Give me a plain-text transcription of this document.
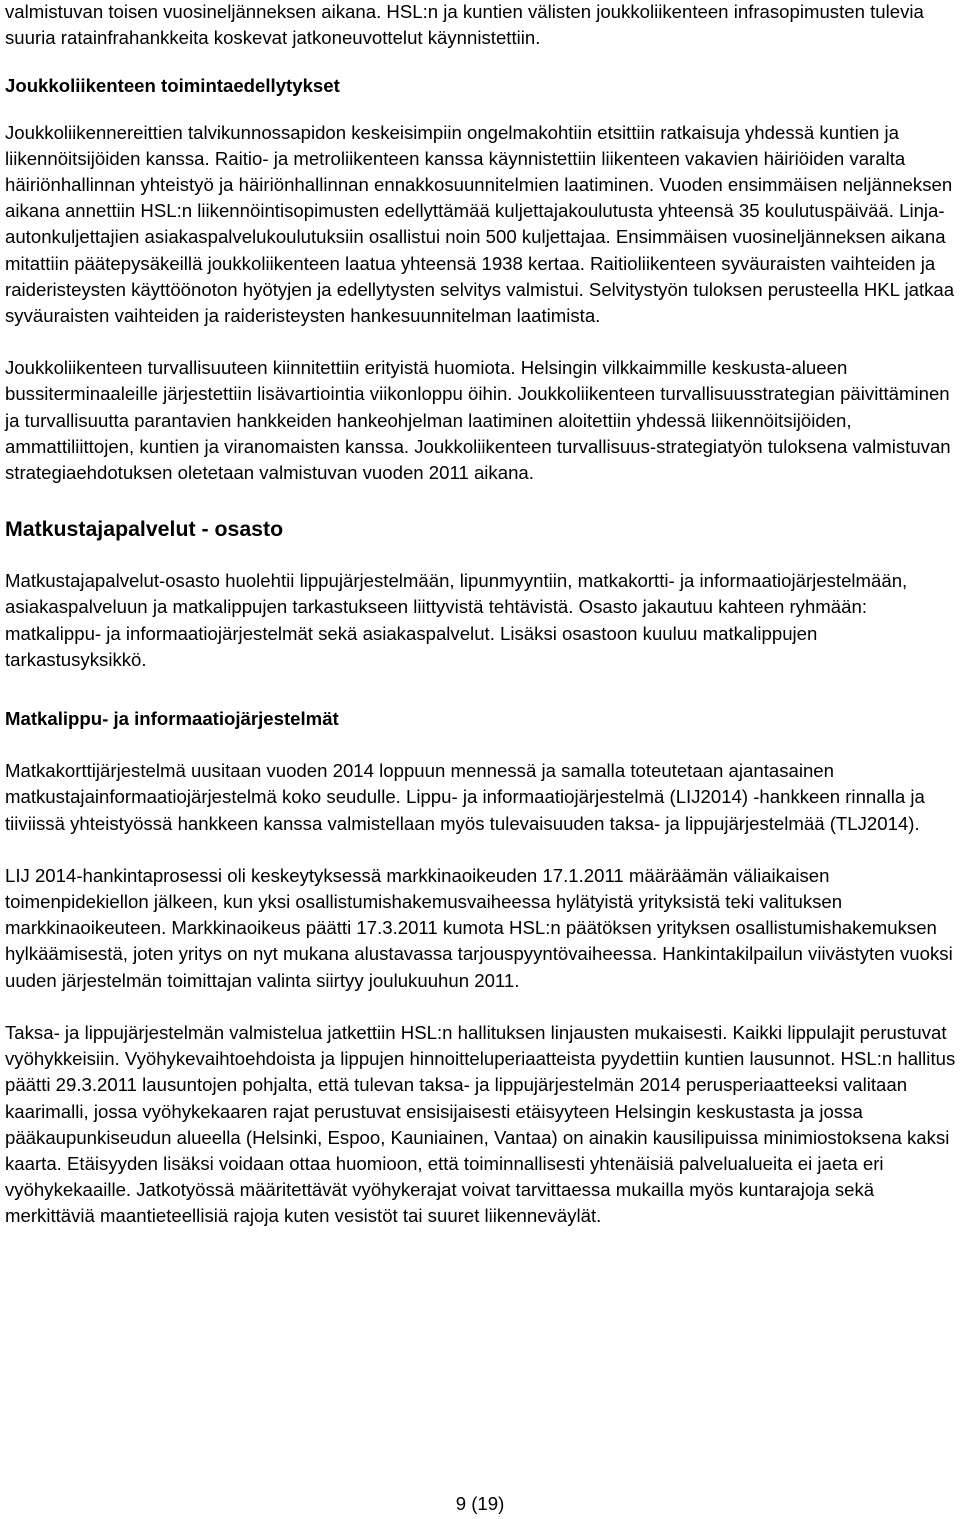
valmistuvan toisen vuosineljänneksen aikana. HSL:n ja kuntien välisten joukkoliikenteen infrasopimusten tulevia suuria ratainfrahankkeita koskevat jatkoneuvottelut käynnistettiin.

Joukkoliikenteen toimintaedellytykset

Joukkoliikennereittien talvikunnossapidon keskeisimpiin ongelmakohtiin etsittiin ratkaisuja yhdessä kuntien ja liikennöitsijöiden kanssa. Raitio- ja metroliikenteen kanssa käynnistettiin liikenteen vakavien häiriöiden varalta häiriönhallinnan yhteistyö ja häiriönhallinnan ennakkosuunnitelmien laatiminen. Vuoden ensimmäisen neljänneksen aikana annettiin HSL:n liikennöintisopimusten edellyttämää kuljettajakoulutusta yhteensä 35 koulutuspäivää. Linja-autonkuljettajien asiakaspalvelukoulutuksiin osallistui noin 500 kuljettajaa. Ensimmäisen vuosineljänneksen aikana mitattiin päätepysäkeillä joukkoliikenteen laatua yhteensä 1938 kertaa. Raitioliikenteen syväuraisten vaihteiden ja raideristeysten käyttöönoton hyötyjen ja edellytysten selvitys valmistui. Selvitystyön tuloksen perusteella HKL jatkaa syväuraisten vaihteiden ja raideristeysten hankesuunnitelman laatimista.

Joukkoliikenteen turvallisuuteen kiinnitettiin erityistä huomiota. Helsingin vilkkaimmille keskusta-alueen bussiterminaaleille järjestettiin lisävartiointia viikonloppu öihin. Joukkoliikenteen turvallisuusstrategian päivittäminen ja turvallisuutta parantavien hankkeiden hankeohjelman laatiminen aloitettiin yhdessä liikennöitsijöiden, ammattiliittojen, kuntien ja viranomaisten kanssa. Joukkoliikenteen turvallisuus-strategiatyön tuloksena valmistuvan strategiaehdotuksen oletetaan valmistuvan vuoden 2011 aikana.

Matkustajapalvelut - osasto

Matkustajapalvelut-osasto huolehtii lippujärjestelmään, lipunmyyntiin, matkakortti- ja informaatiojärjestelmään, asiakaspalveluun ja matkalippujen tarkastukseen liittyvistä tehtävistä. Osasto jakautuu kahteen ryhmään: matkalippu- ja informaatiojärjestelmät sekä asiakaspalvelut. Lisäksi osastoon kuuluu matkalippujen tarkastusyksikkö.

Matkalippu- ja informaatiojärjestelmät

Matkakorttijärjestelmä uusitaan vuoden 2014 loppuun mennessä ja samalla toteutetaan ajantasainen matkustajainformaatiojärjestelmä koko seudulle. Lippu- ja informaatiojärjestelmä (LIJ2014) -hankkeen rinnalla ja tiiviissä yhteistyössä hankkeen kanssa valmistellaan myös tulevaisuuden taksa- ja lippujärjestelmää (TLJ2014).

LIJ 2014-hankintaprosessi oli keskeytyksessä markkinaoikeuden 17.1.2011 määräämän väliaikaisen toimenpidekiellon jälkeen, kun yksi osallistumishakemusvaiheessa hylätyistä yrityksistä teki valituksen markkinaoikeuteen. Markkinaoikeus päätti 17.3.2011 kumota HSL:n päätöksen yrityksen osallistumishakemuksen hylkäämisestä, joten yritys on nyt mukana alustavassa tarjouspyyntövaiheessa. Hankintakilpailun viivästyten vuoksi uuden järjestelmän toimittajan valinta siirtyy joulukuuhun 2011.

Taksa- ja lippujärjestelmän valmistelua jatkettiin HSL:n hallituksen linjausten mukaisesti. Kaikki lippulajit perustuvat vyöhykkeisiin. Vyöhykevaihtoehdoista ja lippujen hinnoitteluperiaatteista pyydettiin kuntien lausunnot. HSL:n hallitus päätti 29.3.2011 lausuntojen pohjalta, että tulevan taksa- ja lippujärjestelmän 2014 perusperiaatteeksi valitaan kaarimalli, jossa vyöhykekaaren rajat perustuvat ensisijaisesti etäisyyteen Helsingin keskustasta ja jossa pääkaupunkiseudun alueella (Helsinki, Espoo, Kauniainen, Vantaa) on ainakin kausilipuissa minimiostoksena kaksi kaarta. Etäisyyden lisäksi voidaan ottaa huomioon, että toiminnallisesti yhtenäisiä palvelualueita ei jaeta eri vyöhykekaaille. Jatkotyössä määritettävät vyöhykerajat voivat tarvittaessa mukailla myös kuntarajoja sekä merkittäviä maantieteellisiä rajoja kuten vesistöt tai suuret liikenneväylät.

9 (19)
